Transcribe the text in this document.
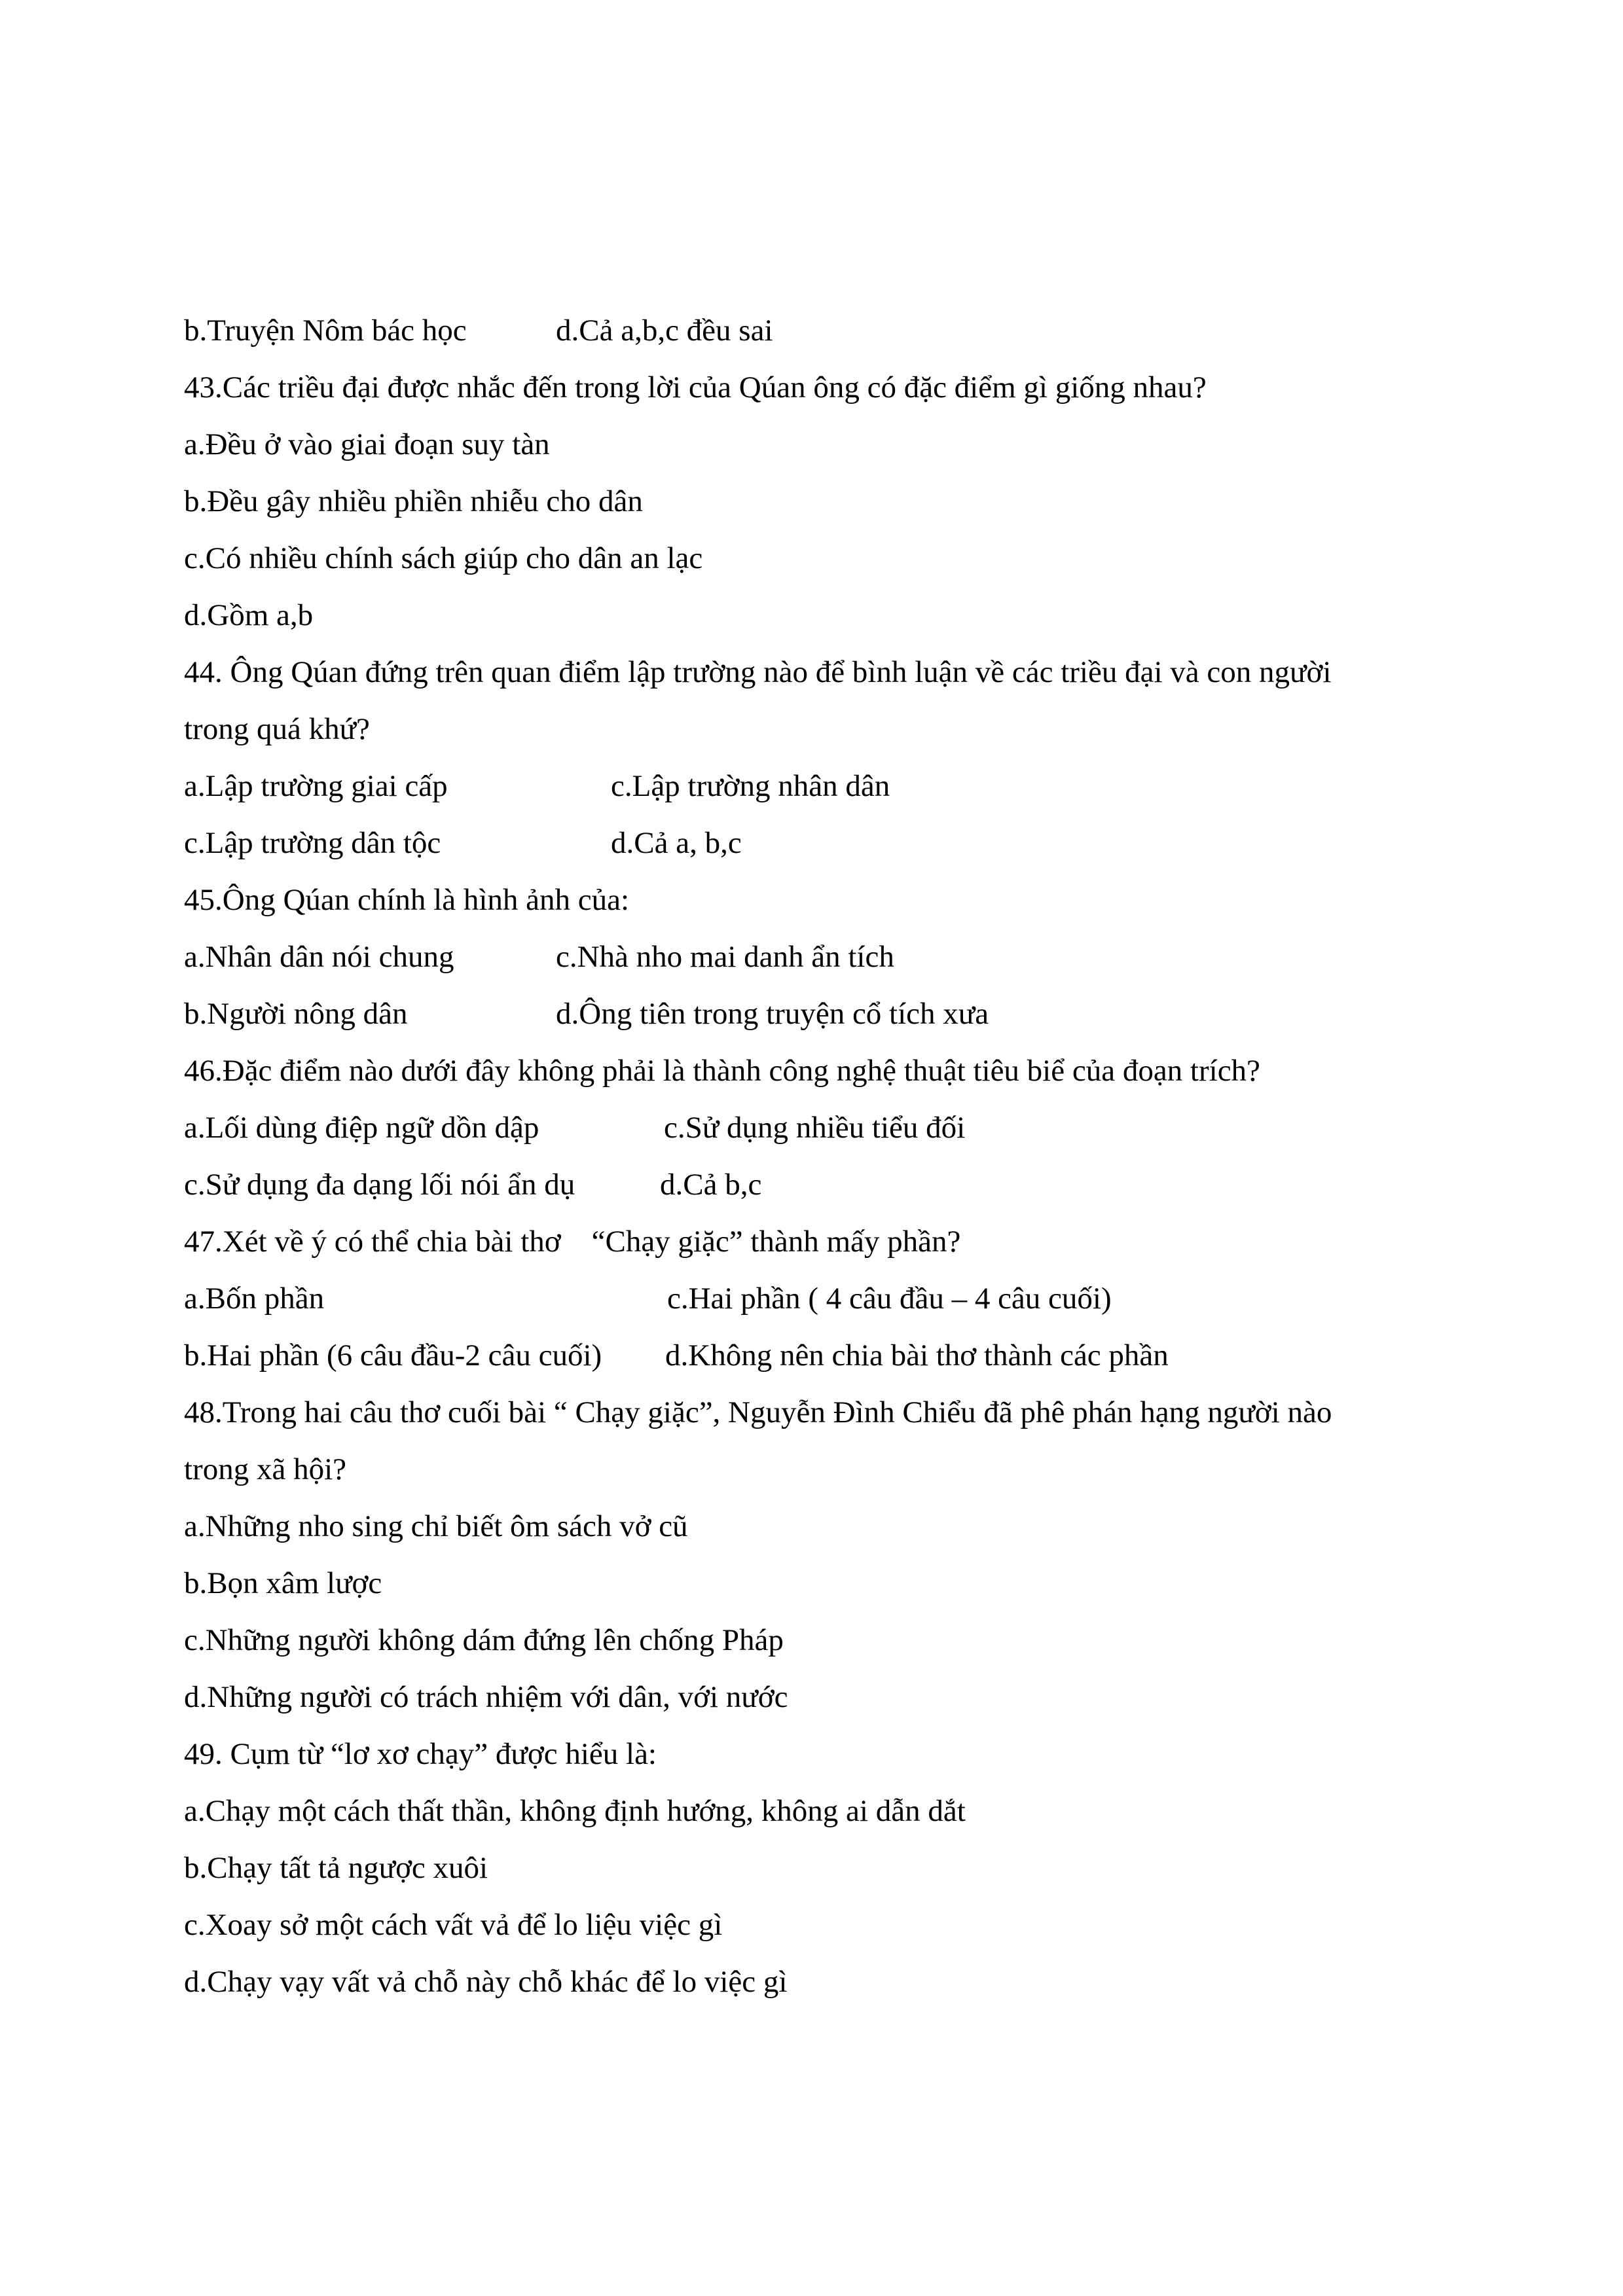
b.Truyện Nôm bác học	d.Cả a,b,c đều sai
43.Các triều đại được nhắc đến trong lời của Qúan ông có đặc điểm gì giống nhau?
a.Đều ở vào giai đoạn suy tàn
b.Đều gây nhiều phiền nhiễu cho dân
c.Có nhiều chính sách giúp cho dân an lạc
d.Gồm a,b
44. Ông Qúan đứng trên quan điểm lập trường nào để bình luận về các triều đại và con người
trong quá khứ?
a.Lập trường giai cấp	c.Lập trường nhân dân
c.Lập trường dân tộc	d.Cả a, b,c
45.Ông Qúan chính là hình ảnh của:
a.Nhân dân nói chung	c.Nhà nho mai danh ẩn tích
b.Người nông dân	d.Ông tiên trong truyện cổ tích xưa
46.Đặc điểm nào dưới đây không phải là thành công nghệ thuật tiêu biể của đoạn trích?
a.Lối dùng điệp ngữ dồn dập	c.Sử dụng nhiều tiểu đối
c.Sử dụng đa dạng lối nói ẩn dụ	d.Cả b,c
47.Xét về ý có thể chia bài thơ    “Chạy giặc” thành mấy phần?
a.Bốn phần	c.Hai phần ( 4 câu đầu – 4 câu cuối)
b.Hai phần (6 câu đầu-2 câu cuối)	d.Không nên chia bài thơ thành các phần
48.Trong hai câu thơ cuối bài “ Chạy giặc”, Nguyễn Đình Chiểu đã phê phán hạng người nào
trong xã hội?
a.Những nho sing chỉ biết ôm sách vở cũ
b.Bọn xâm lược
c.Những người không dám đứng lên chống Pháp
d.Những người có trách nhiệm với dân, với nước
49. Cụm từ “lơ xơ chạy” được hiểu là:
a.Chạy một cách thất thần, không định hướng, không ai dẫn dắt
b.Chạy tất tả ngược xuôi
c.Xoay sở một cách vất vả để lo liệu việc gì
d.Chạy vạy vất vả chỗ này chỗ khác để lo việc gì
